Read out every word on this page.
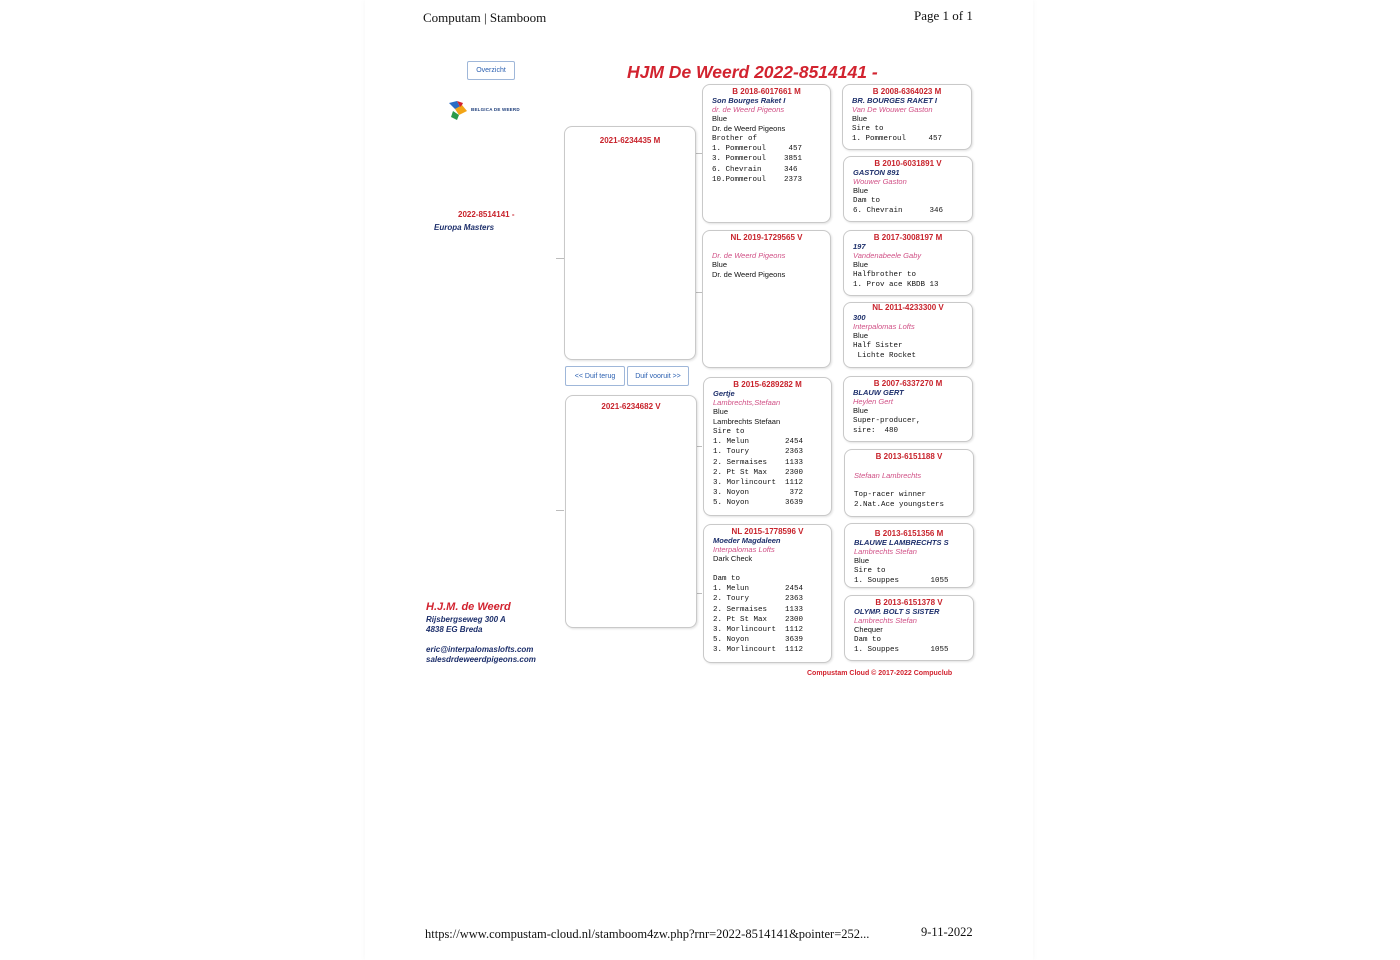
Computam | Stamboom	Page 1 of 1
Overzicht
BELGICA DE WEERD
HJM De Weerd 2022-8514141 -
2022-8514141 -
Europa Masters
2021-6234435 M
2021-6234682 V
<< Duif terug	Duif vooruit >>
B 2018-6017661 M
Son Bourges Raket I
dr. de Weerd Pigeons
Blue
Dr. de Weerd Pigeons
Brother of
1. Pommeroul     457
3. Pommeroul    3851
6. Chevrain     346
10.Pommeroul    2373
NL 2019-1729565 V
Dr. de Weerd Pigeons
Blue
Dr. de Weerd Pigeons
B 2015-6289282 M
Gertje
Lambrechts,Stefaan
Blue
Lambrechts Stefaan
Sire to
1. Melun        2454
1. Toury        2363
2. Sermaises    1133
2. Pt St Max    2300
3. Morlincourt  1112
3. Noyon         372
5. Noyon        3639
NL 2015-1778596 V
Moeder Magdaleen
Interpalomas Lofts
Dark Check
Dam to
1. Melun        2454
2. Toury        2363
2. Sermaises    1133
2. Pt St Max    2300
3. Morlincourt  1112
5. Noyon        3639
3. Morlincourt  1112
B 2008-6364023 M
BR. BOURGES RAKET I
Van De Wouwer Gaston
Blue
Sire to
1. Pommeroul     457
B 2010-6031891 V
GASTON 891
Wouwer Gaston
Blue
Dam to
6. Chevrain      346
B 2017-3008197 M
197
Vandenabeele Gaby
Blue
Halfbrother to
1. Prov ace KBDB 13
NL 2011-4233300 V
300
Interpalomas Lofts
Blue
Half Sister
Lichte Rocket
B 2007-6337270 M
BLAUW GERT
Heylen Gert
Blue
Super-producer,
sire:  480
B 2013-6151188 V
Stefaan Lambrechts
Top-racer winner
2.Nat.Ace youngsters
B 2013-6151356 M
BLAUWE LAMBRECHTS S
Lambrechts Stefan
Blue
Sire to
1. Souppes       1055
B 2013-6151378 V
OLYMP. BOLT S SISTER
Lambrechts Stefan
Chequer
Dam to
1. Souppes       1055
H.J.M. de Weerd
Rijsbergseweg 300 A
4838 EG Breda
eric@interpalomaslofts.com
salesdrdeweerdpigeons.com
Compustam Cloud © 2017-2022 Compuclub
https://www.compustam-cloud.nl/stamboom4zw.php?rnr=2022-8514141&pointer=252...	9-11-2022
